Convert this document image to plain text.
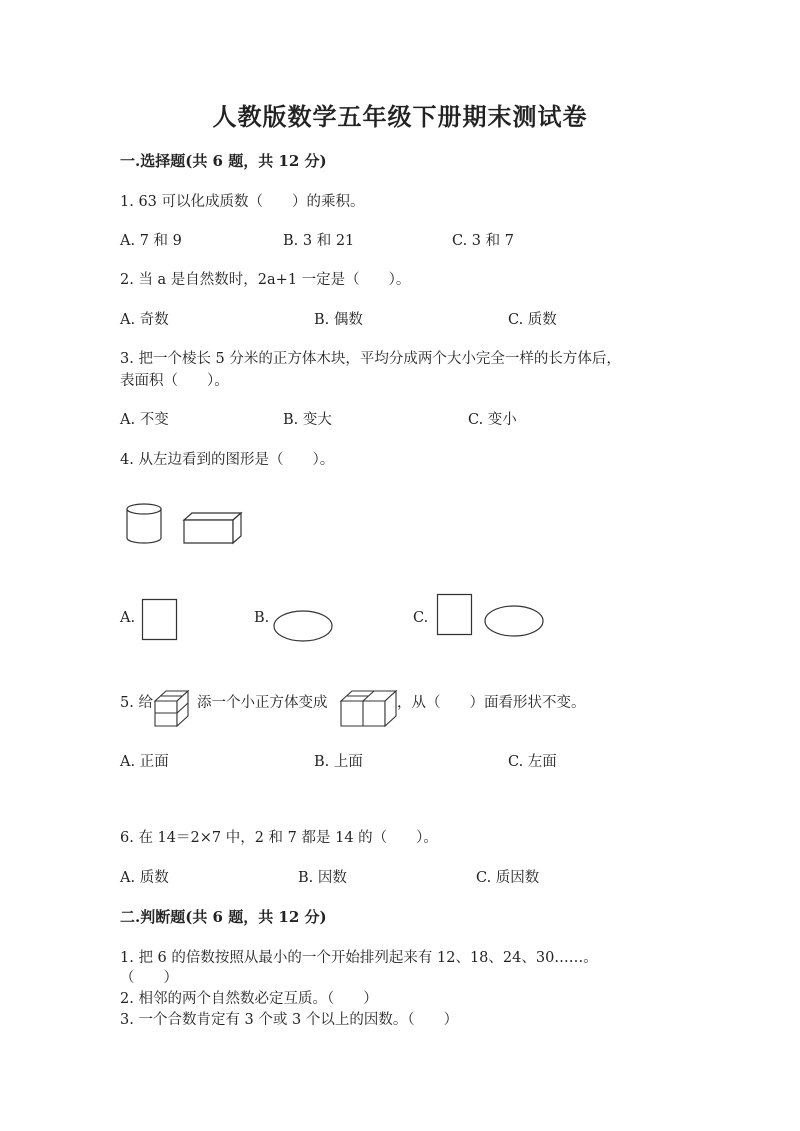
人教版数学五年级下册期末测试卷
一.选择题(共 6 题，共 12 分)
1. 63 可以化成质数（　　）的乘积。
A. 7 和 9	B. 3 和 21	C. 3 和 7
2. 当 a 是自然数时，2a+1 一定是（　　）。
A. 奇数	B. 偶数	C. 质数
3. 把一个棱长 5 分米的正方体木块，平均分成两个大小完全一样的长方体后，
表面积（　　）。
A. 不变	B. 变大	C. 变小
4. 从左边看到的图形是（　　）。
A.	B.	C.
5. 给	添一个小正方体变成	，从（　　）面看形状不变。
A. 正面	B. 上面	C. 左面
6. 在 14＝2×7 中，2 和 7 都是 14 的（　　）。
A. 质数	B. 因数	C. 质因数
二.判断题(共 6 题，共 12 分)
1. 把 6 的倍数按照从最小的一个开始排列起来有 12、18、24、30……。
（　　）
2. 相邻的两个自然数必定互质。（　　）
3. 一个合数肯定有 3 个或 3 个以上的因数。（　　）
